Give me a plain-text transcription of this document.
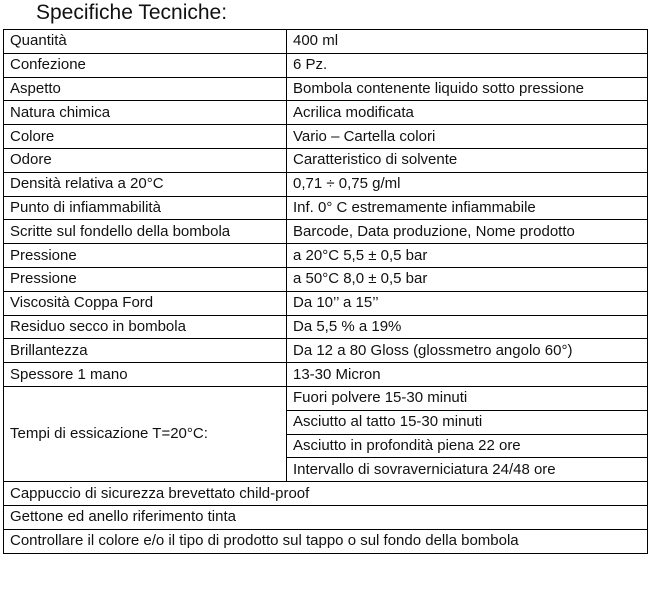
Specifiche Tecniche:
Quantità	400 ml
Confezione	6 Pz.
Aspetto	Bombola contenente liquido sotto pressione
Natura chimica	Acrilica modificata
Colore	Vario – Cartella colori
Odore	Caratteristico di solvente
Densità relativa a 20°C	0,71 ÷ 0,75 g/ml
Punto di infiammabilità	Inf. 0° C estremamente infiammabile
Scritte sul fondello della bombola	Barcode, Data produzione, Nome prodotto
Pressione	a 20°C 5,5 ± 0,5 bar
Pressione	a 50°C 8,0 ± 0,5 bar
Viscosità Coppa Ford	Da 10’’ a 15’’
Residuo secco in bombola	Da 5,5 % a 19%
Brillantezza	Da 12 a 80 Gloss (glossmetro angolo 60°)
Spessore 1 mano	13-30 Micron
Tempi di essicazione T=20°C:	Fuori polvere 15-30 minuti
	Asciutto al tatto 15-30 minuti
	Asciutto in profondità piena 22 ore
	Intervallo di sovraverniciatura 24/48 ore
Cappuccio di sicurezza brevettato child-proof	
Gettone ed anello riferimento tinta	
Controllare il colore e/o il tipo di prodotto sul tappo o sul fondo della bombola	
